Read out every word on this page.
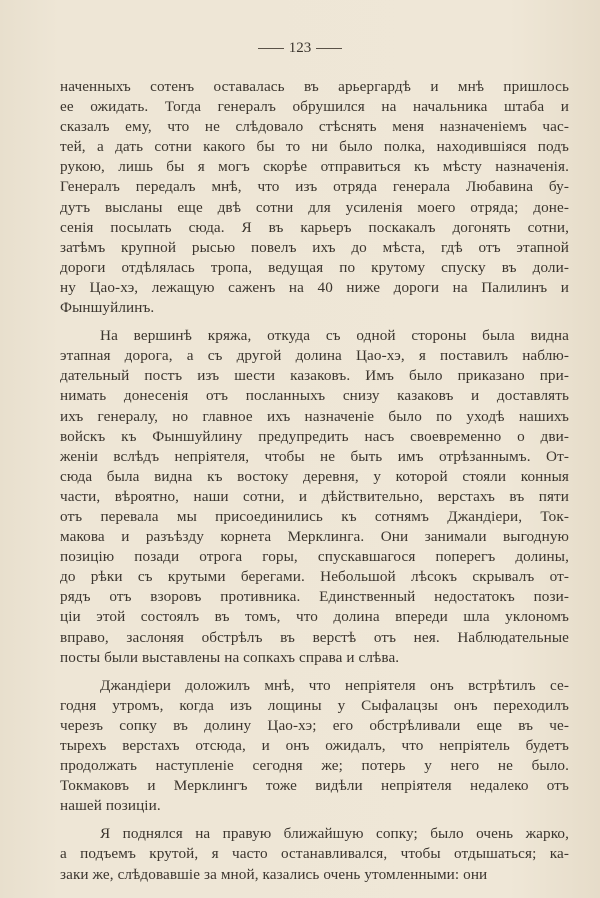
123
наченныхъ сотенъ оставалась въ арьергардѣ и мнѣ пришлось
ее ожидать. Тогда генералъ обрушился на начальника штаба и
сказалъ ему, что не слѣдовало стѣснять меня назначеніемъ час-
тей, а дать сотни какого бы то ни было полка, находившіяся подъ
рукою, лишь бы я могъ скорѣе отправиться къ мѣсту назначенія.
Генералъ передалъ мнѣ, что изъ отряда генерала Любавина бу-
дутъ высланы еще двѣ сотни для усиленія моего отряда; доне-
сенія посылать сюда. Я въ карьеръ поскакалъ догонять сотни,
затѣмъ крупной рысью повелъ ихъ до мѣста, гдѣ отъ этапной
дороги отдѣлялась тропа, ведущая по крутому спуску въ доли-
ну Цао-хэ, лежащую саженъ на 40 ниже дороги на Палилинъ и
Фыншуйлинъ.
На вершинѣ кряжа, откуда съ одной стороны была видна
этапная дорога, а съ другой долина Цао-хэ, я поставилъ наблю-
дательный постъ изъ шести казаковъ. Имъ было приказано при-
нимать донесенія отъ посланныхъ снизу казаковъ и доставлять
ихъ генералу, но главное ихъ назначеніе было по уходѣ нашихъ
войскъ къ Фыншуйлину предупредить насъ своевременно о дви-
женіи вслѣдъ непріятеля, чтобы не быть имъ отрѣзаннымъ. От-
сюда была видна къ востоку деревня, у которой стояли конныя
части, вѣроятно, наши сотни, и дѣйствительно, верстахъ въ пяти
отъ перевала мы присоединились къ сотнямъ Джандіери, Ток-
макова и разъѣзду корнета Мерклинга. Они занимали выгодную
позицію позади отрога горы, спускавшагося поперегъ долины,
до рѣки съ крутыми берегами. Небольшой лѣсокъ скрывалъ от-
рядъ отъ взоровъ противника. Единственный недостатокъ пози-
ціи этой состоялъ въ томъ, что долина впереди шла уклономъ
вправо, заслоняя обстрѣлъ въ верстѣ отъ нея. Наблюдательные
посты были выставлены на сопкахъ справа и слѣва.
Джандіери доложилъ мнѣ, что непріятеля онъ встрѣтилъ се-
годня утромъ, когда изъ лощины у Сыфалацзы онъ переходилъ
черезъ сопку въ долину Цао-хэ; его обстрѣливали еще въ че-
тырехъ верстахъ отсюда, и онъ ожидалъ, что непріятель будетъ
продолжать наступленіе сегодня же; потерь у него не было.
Токмаковъ и Мерклингъ тоже видѣли непріятеля недалеко отъ
нашей позиціи.
Я поднялся на правую ближайшую сопку; было очень жарко,
а подъемъ крутой, я часто останавливался, чтобы отдышаться; ка-
заки же, слѣдовавшіе за мной, казались очень утомленными: они
